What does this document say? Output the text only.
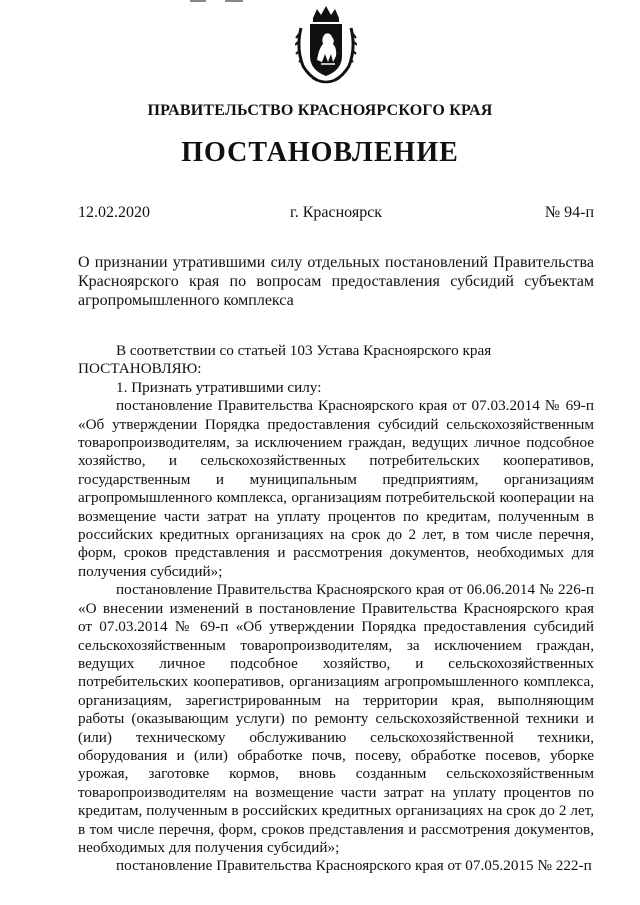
ПРАВИТЕЛЬСТВО КРАСНОЯРСКОГО КРАЯ
ПОСТАНОВЛЕНИЕ
12.02.2020	г. Красноярск	№ 94-п
О признании утратившими силу отдельных постановлений Правительства Красноярского края по вопросам предоставления субсидий субъектам агропромышленного комплекса

В соответствии со статьей 103 Устава Красноярского края

ПОСТАНОВЛЯЮ:

1. Признать утратившими силу:

постановление Правительства Красноярского края от 07.03.2014 № 69-п «Об утверждении Порядка предоставления субсидий сельскохозяйственным товаропроизводителям, за исключением граждан, ведущих личное подсобное хозяйство, и сельскохозяйственных потребительских кооперативов, государственным и муниципальным предприятиям, организациям агропромышленного комплекса, организациям потребительской кооперации на возмещение части затрат на уплату процентов по кредитам, полученным в российских кредитных организациях на срок до 2 лет, в том числе перечня, форм, сроков представления и рассмотрения документов, необходимых для получения субсидий»;

постановление Правительства Красноярского края от 06.06.2014 № 226-п «О внесении изменений в постановление Правительства Красноярского края от 07.03.2014 № 69-п «Об утверждении Порядка предоставления субсидий сельскохозяйственным товаропроизводителям, за исключением граждан, ведущих личное подсобное хозяйство, и сельскохозяйственных потребительских кооперативов, организациям агропромышленного комплекса, организациям, зарегистрированным на территории края, выполняющим работы (оказывающим услуги) по ремонту сельскохозяйственной техники и (или) техническому обслуживанию сельскохозяйственной техники, оборудования и (или) обработке почв, посеву, обработке посевов, уборке урожая, заготовке кормов, вновь созданным сельскохозяйственным товаропроизводителям на возмещение части затрат на уплату процентов по кредитам, полученным в российских кредитных организациях на срок до 2 лет, в том числе перечня, форм, сроков представления и рассмотрения документов, необходимых для получения субсидий»;

постановление Правительства Красноярского края от 07.05.2015 № 222-п
